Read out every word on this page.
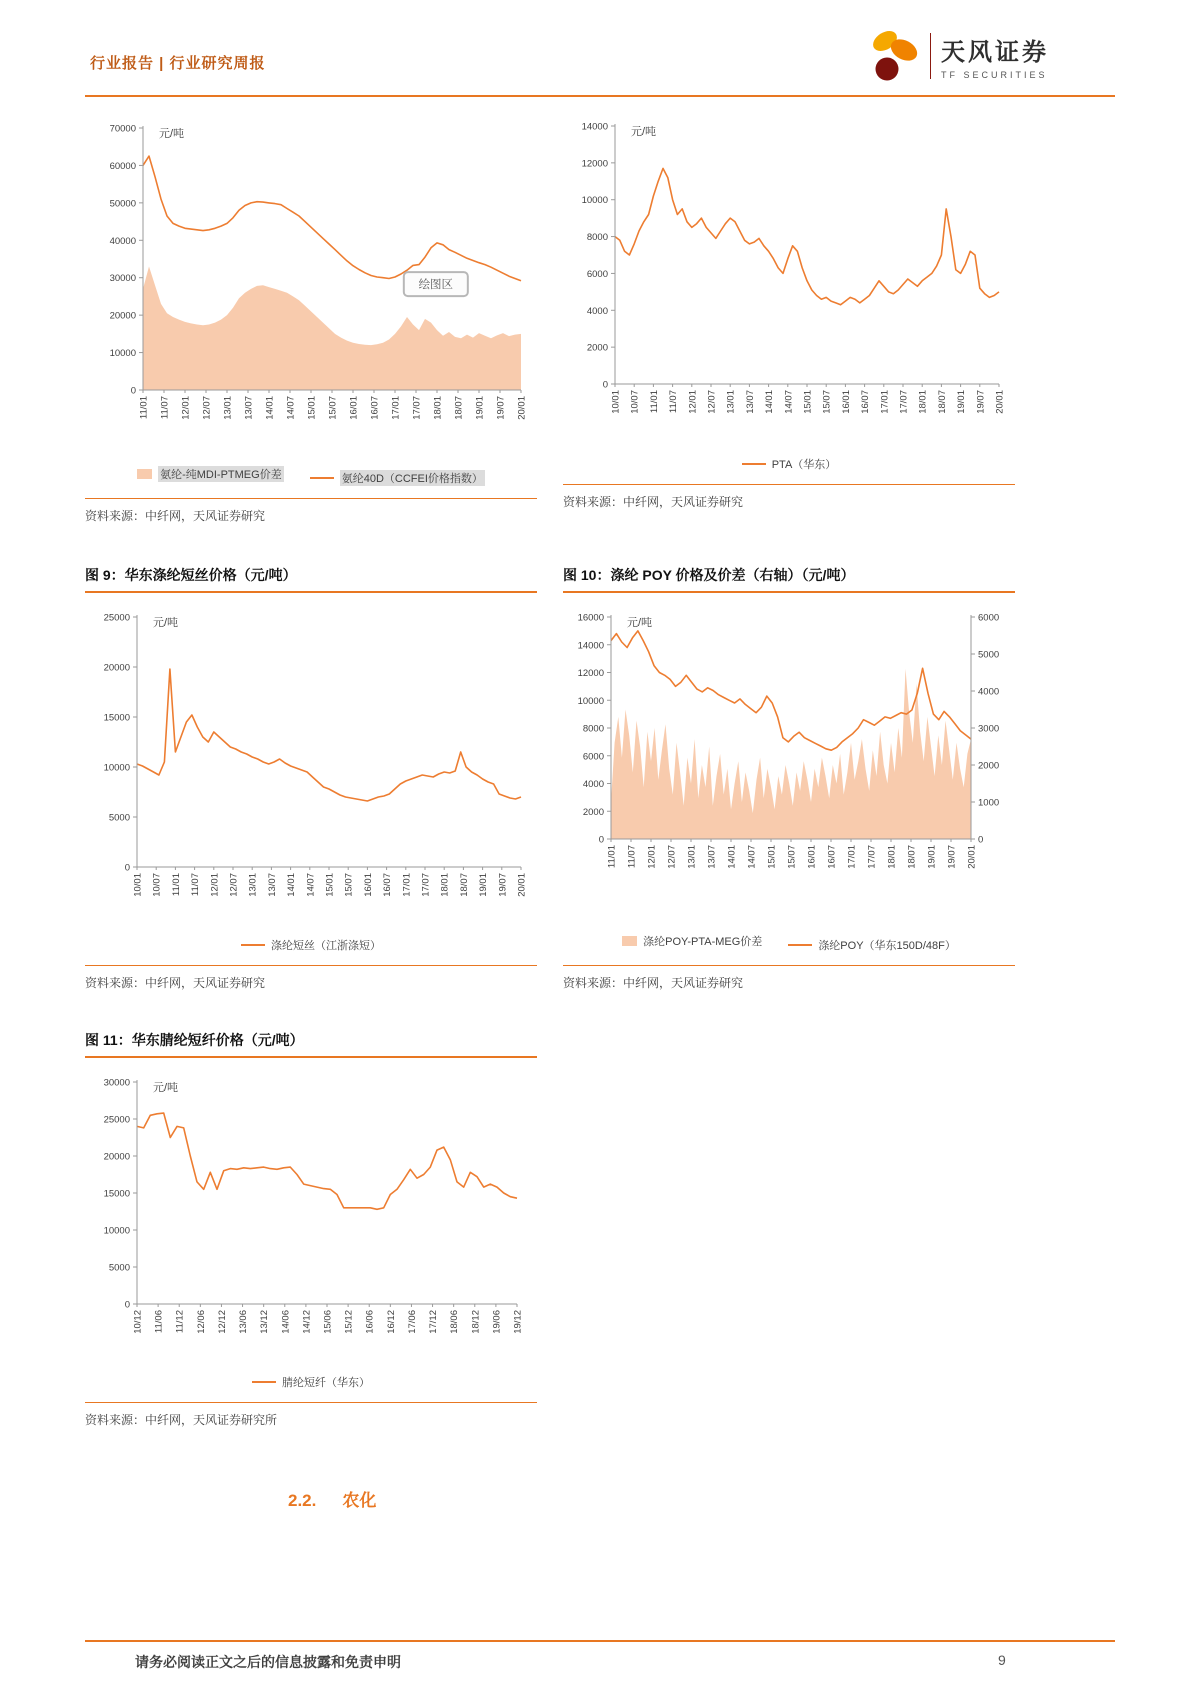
行业报告 | 行业研究周报	天风证券
TF SECURITIES
0
10000
20000
30000
40000
50000
60000
70000
11/01 11/07 12/01 12/07 13/01 13/07 14/01 14/07 15/01 15/07 16/01 16/07 17/01 17/07 18/01 18/07 19/01 19/07 20/01
元/吨
绘图区
氨纶-纯MDI-PTMEG价差	氨纶40D（CCFEI价格指数）
资料来源：中纤网，天风证券研究
0
2000
4000
6000
8000
10000
12000
14000
10/01 10/07 11/01 11/07 12/01 12/07 13/01 13/07 14/01 14/07 15/01 15/07 16/01 16/07 17/01 17/07 18/01 18/07 19/01 19/07 20/01
元/吨
PTA（华东）
资料来源：中纤网，天风证券研究
图 9：华东涤纶短丝价格（元/吨）
0
5000
10000
15000
20000
25000
10/01 10/07 11/01 11/07 12/01 12/07 13/01 13/07 14/01 14/07 15/01 15/07 16/01 16/07 17/01 17/07 18/01 18/07 19/01 19/07 20/01
元/吨
涤纶短丝（江浙涤短）
资料来源：中纤网，天风证券研究
图 10：涤纶 POY 价格及价差（右轴）（元/吨）
0
2000
4000
6000
8000
10000
12000
14000
16000
0
1000
2000
3000
4000
5000
6000
11/01 11/07 12/01 12/07 13/01 13/07 14/01 14/07 15/01 15/07 16/01 16/07 17/01 17/07 18/01 18/07 19/01 19/07 20/01
元/吨
涤纶POY-PTA-MEG价差	涤纶POY（华东150D/48F）
资料来源：中纤网，天风证券研究
图 11：华东腈纶短纤价格（元/吨）
0
5000
10000
15000
20000
25000
30000
10/12 11/06 11/12 12/06 12/12 13/06 13/12 14/06 14/12 15/06 15/12 16/06 16/12 17/06 17/12 18/06 18/12 19/06 19/12
元/吨
腈纶短纤（华东）
资料来源：中纤网，天风证券研究所
2.2. 农化
请务必阅读正文之后的信息披露和免责申明	9
